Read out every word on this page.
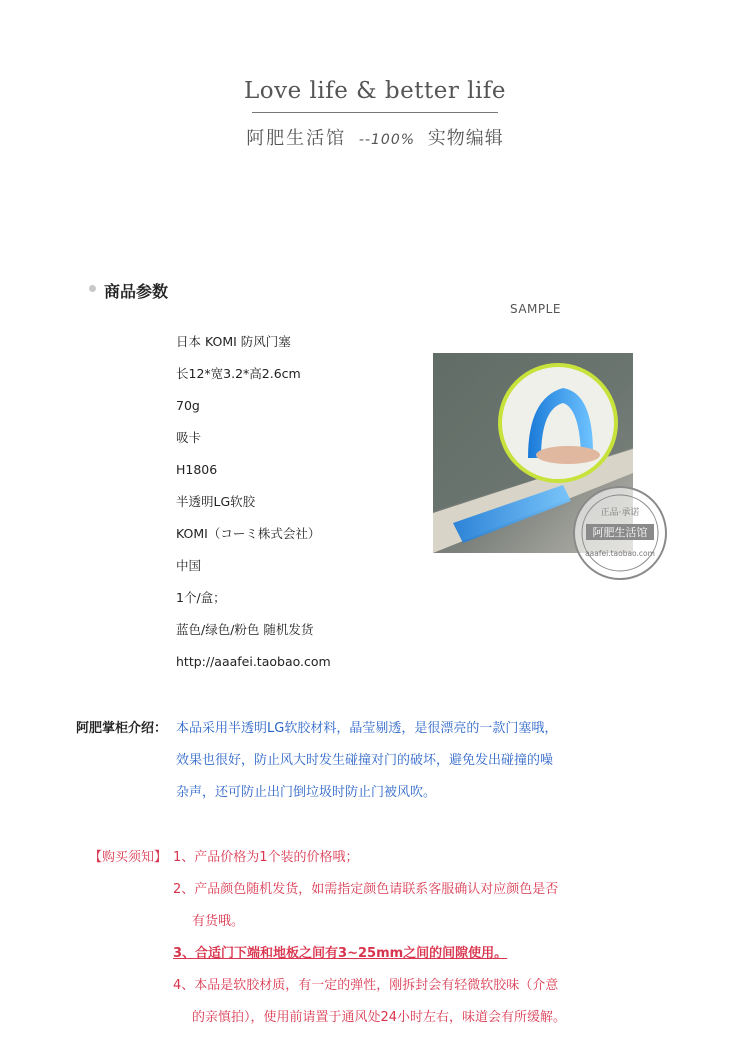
Love life & better life
阿肥生活馆 --100% 实物编辑
商品参数
SAMPLE
日本 KOMI 防风门塞
长12*宽3.2*高2.6cm
70g
吸卡
H1806
半透明LG软胶
KOMI（コーミ株式会社）
中国
1个/盒；
蓝色/绿色/粉色 随机发货
http://aaafei.taobao.com
正品·承诺
阿肥生活馆
aaafei.taobao.com
阿肥掌柜介绍： 本品采用半透明LG软胶材料，晶莹剔透，是很漂亮的一款门塞哦，
效果也很好，防止风大时发生碰撞对门的破坏，避免发出碰撞的噪
杂声，还可防止出门倒垃圾时防止门被风吹。
【购买须知】 1、产品价格为1个装的价格哦；
2、产品颜色随机发货，如需指定颜色请联系客服确认对应颜色是否
有货哦。
3、合适门下端和地板之间有3~25mm之间的间隙使用。
4、本品是软胶材质，有一定的弹性，刚拆封会有轻微软胶味（介意
的亲慎拍），使用前请置于通风处24小时左右，味道会有所缓解。
